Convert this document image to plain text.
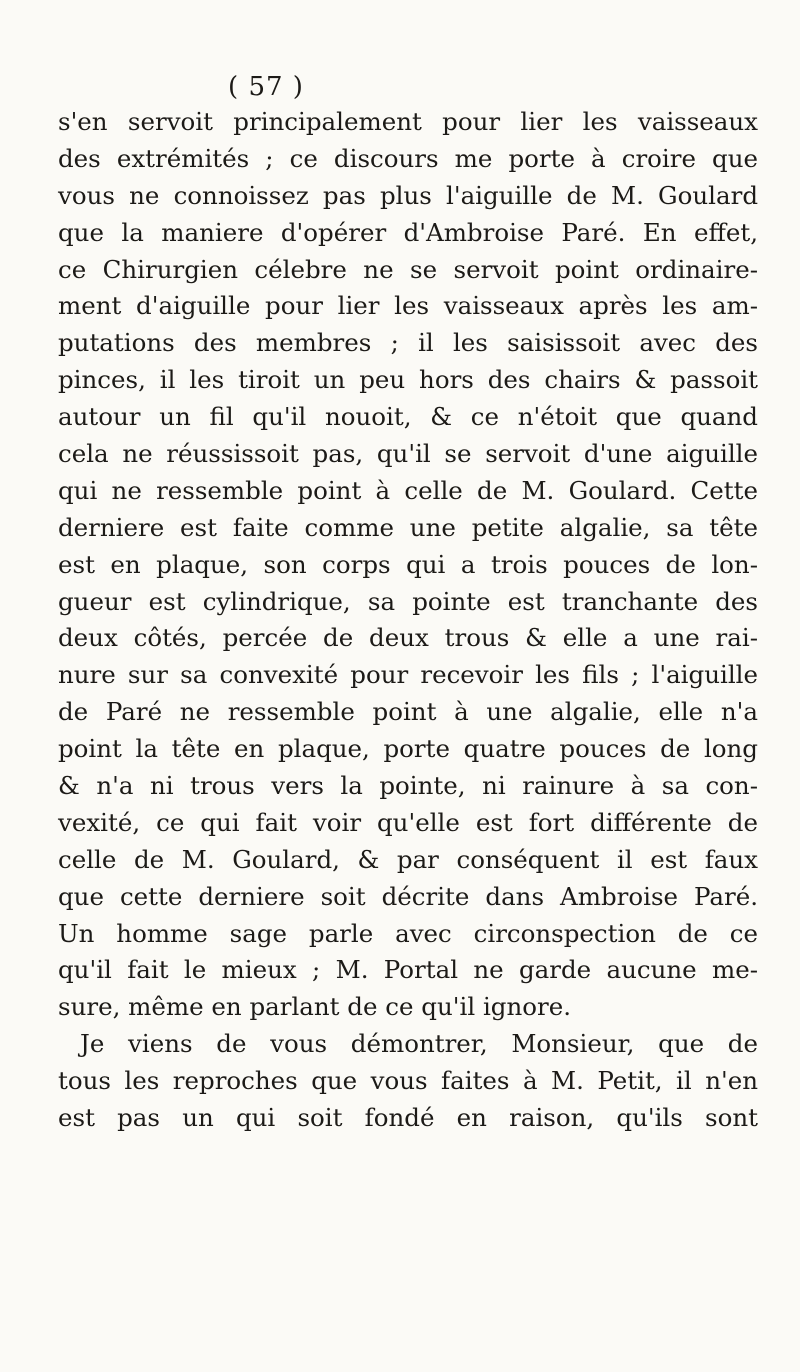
( 57 )
s'en servoit principalement pour lier les vaisseaux
des extrémités ; ce discours me porte à croire que
vous ne connoissez pas plus l'aiguille de M. Goulard
que la maniere d'opérer d'Ambroise Paré. En effet,
ce Chirurgien célebre ne se servoit point ordinaire-
ment d'aiguille pour lier les vaisseaux après les am-
putations des membres ; il les saisissoit avec des
pinces, il les tiroit un peu hors des chairs & passoit
autour un fil qu'il nouoit, & ce n'étoit que quand
cela ne réussissoit pas, qu'il se servoit d'une aiguille
qui ne ressemble point à celle de M. Goulard. Cette
derniere est faite comme une petite algalie, sa tête
est en plaque, son corps qui a trois pouces de lon-
gueur est cylindrique, sa pointe est tranchante des
deux côtés, percée de deux trous & elle a une rai-
nure sur sa convexité pour recevoir les fils ; l'aiguille
de Paré ne ressemble point à une algalie, elle n'a
point la tête en plaque, porte quatre pouces de long
& n'a ni trous vers la pointe, ni rainure à sa con-
vexité, ce qui fait voir qu'elle est fort différente de
celle de M. Goulard, & par conséquent il est faux
que cette derniere soit décrite dans Ambroise Paré.
Un homme sage parle avec circonspection de ce
qu'il fait le mieux ; M. Portal ne garde aucune me-
sure, même en parlant de ce qu'il ignore.
Je viens de vous démontrer, Monsieur, que de
tous les reproches que vous faites à M. Petit, il n'en
est pas un qui soit fondé en raison, qu'ils sont
